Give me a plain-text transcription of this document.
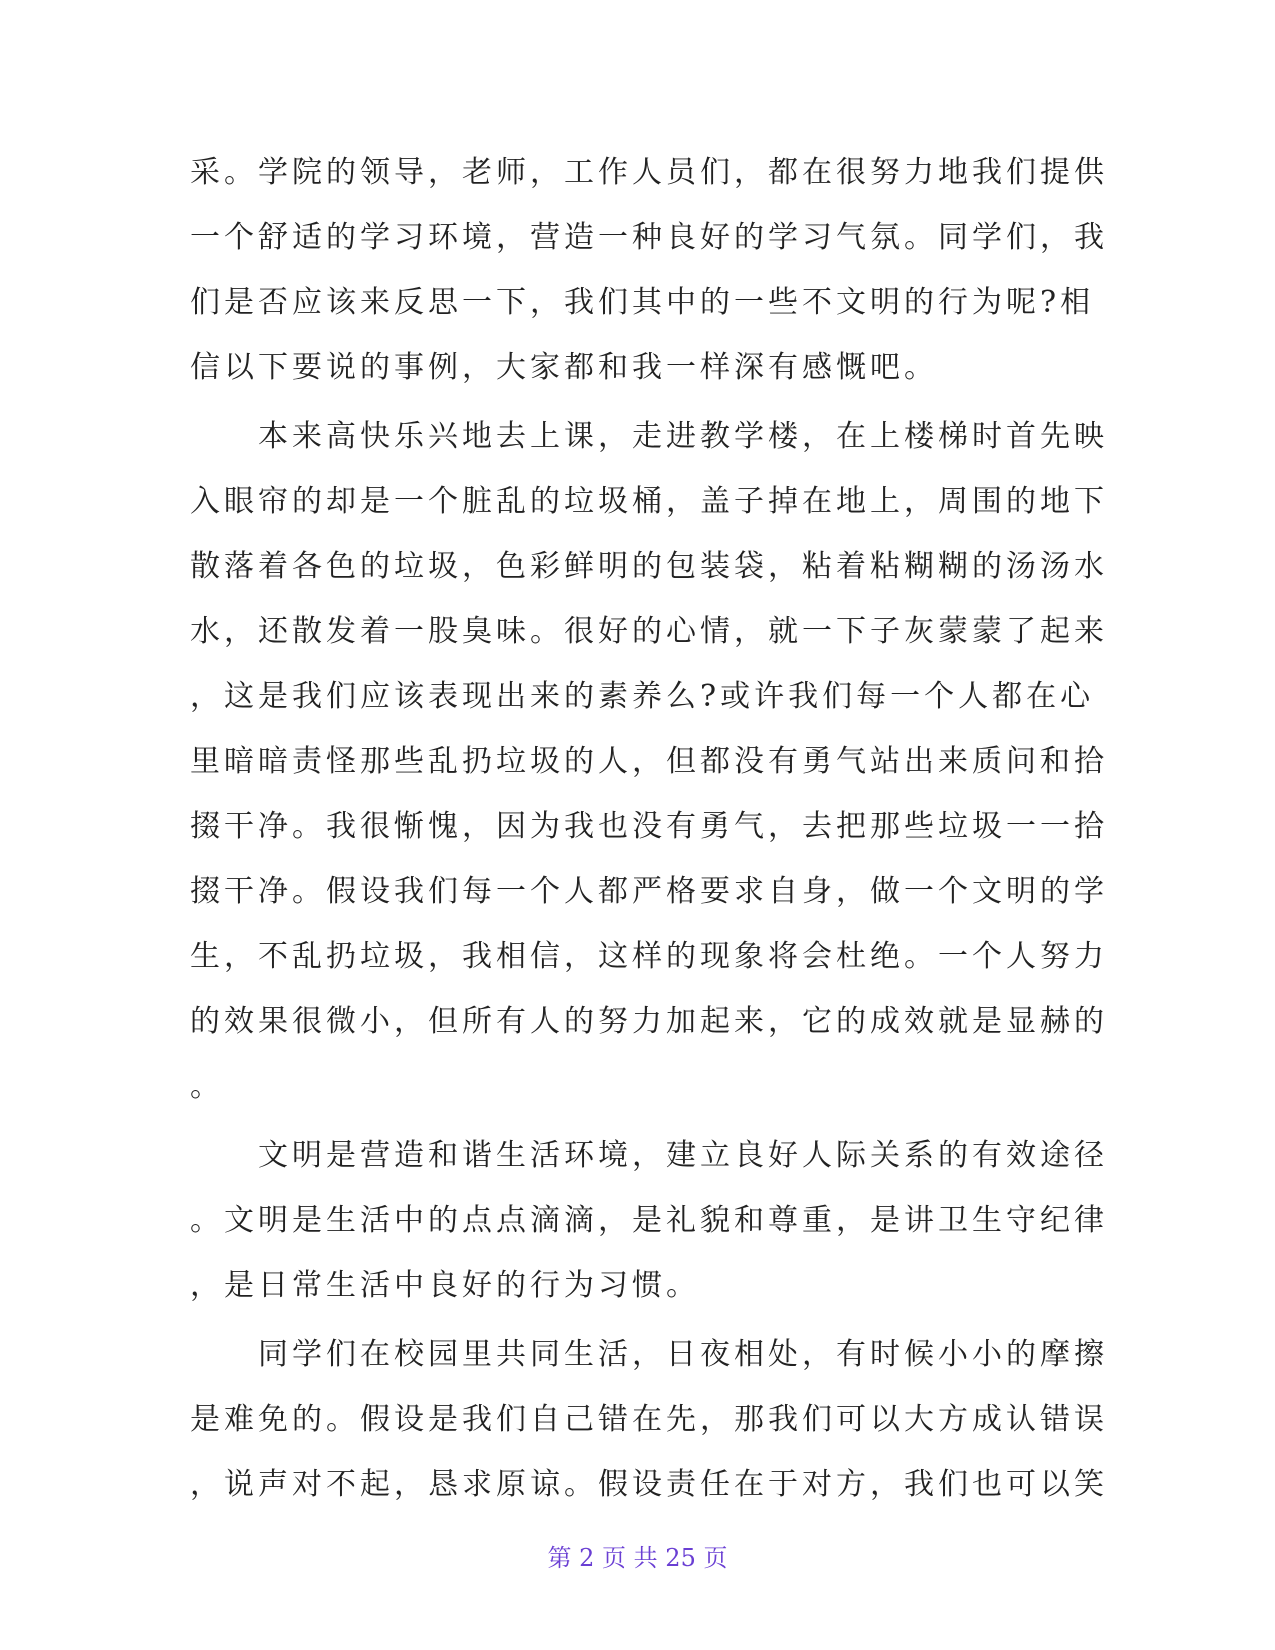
采。学院的领导，老师，工作人员们，都在很努力地我们提供
一个舒适的学习环境，营造一种良好的学习气氛。同学们，我
们是否应该来反思一下，我们其中的一些不文明的行为呢?相
信以下要说的事例，大家都和我一样深有感慨吧。
　　本来高快乐兴地去上课，走进教学楼，在上楼梯时首先映
入眼帘的却是一个脏乱的垃圾桶，盖子掉在地上，周围的地下
散落着各色的垃圾，色彩鲜明的包装袋，粘着粘糊糊的汤汤水
水，还散发着一股臭味。很好的心情，就一下子灰蒙蒙了起来
，这是我们应该表现出来的素养么?或许我们每一个人都在心
里暗暗责怪那些乱扔垃圾的人，但都没有勇气站出来质问和拾
掇干净。我很惭愧，因为我也没有勇气，去把那些垃圾一一拾
掇干净。假设我们每一个人都严格要求自身，做一个文明的学
生，不乱扔垃圾，我相信，这样的现象将会杜绝。一个人努力
的效果很微小，但所有人的努力加起来，它的成效就是显赫的
。
　　文明是营造和谐生活环境，建立良好人际关系的有效途径
。文明是生活中的点点滴滴，是礼貌和尊重，是讲卫生守纪律
，是日常生活中良好的行为习惯。
　　同学们在校园里共同生活，日夜相处，有时候小小的摩擦
是难免的。假设是我们自己错在先，那我们可以大方成认错误
，说声对不起，恳求原谅。假设责任在于对方，我们也可以笑
第 2 页 共 25 页
